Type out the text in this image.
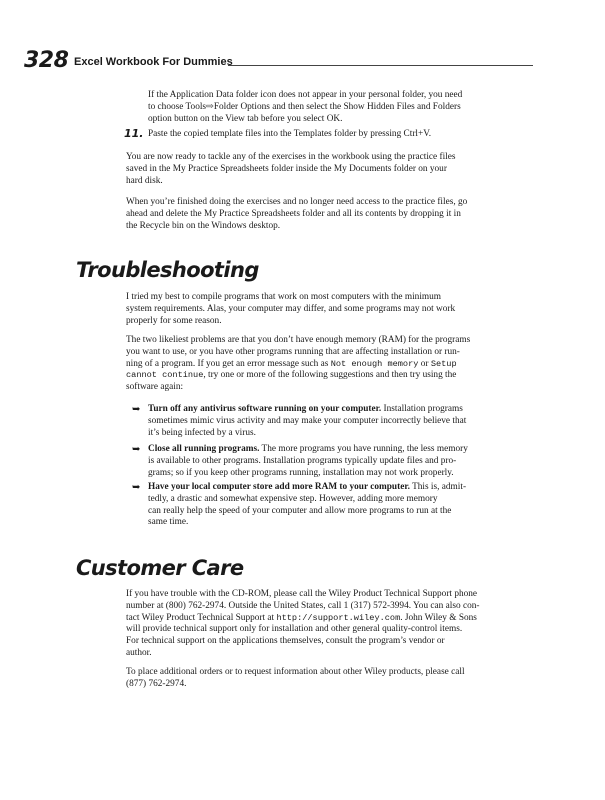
328 Excel Workbook For Dummies

If the Application Data folder icon does not appear in your personal folder, you need
to choose Tools⇨Folder Options and then select the Show Hidden Files and Folders
option button on the View tab before you select OK.

11. Paste the copied template files into the Templates folder by pressing Ctrl+V.

You are now ready to tackle any of the exercises in the workbook using the practice files
saved in the My Practice Spreadsheets folder inside the My Documents folder on your
hard disk.

When you’re finished doing the exercises and no longer need access to the practice files, go
ahead and delete the My Practice Spreadsheets folder and all its contents by dropping it in
the Recycle bin on the Windows desktop.

Troubleshooting

I tried my best to compile programs that work on most computers with the minimum
system requirements. Alas, your computer may differ, and some programs may not work
properly for some reason.

The two likeliest problems are that you don’t have enough memory (RAM) for the programs
you want to use, or you have other programs running that are affecting installation or run-
ning of a program. If you get an error message such as Not enough memory or Setup
cannot continue, try one or more of the following suggestions and then try using the
software again:

➥ Turn off any antivirus software running on your computer. Installation programs
sometimes mimic virus activity and may make your computer incorrectly believe that
it’s being infected by a virus.

➥ Close all running programs. The more programs you have running, the less memory
is available to other programs. Installation programs typically update files and pro-
grams; so if you keep other programs running, installation may not work properly.

➥ Have your local computer store add more RAM to your computer. This is, admit-
tedly, a drastic and somewhat expensive step. However, adding more memory
can really help the speed of your computer and allow more programs to run at the
same time.

Customer Care

If you have trouble with the CD-ROM, please call the Wiley Product Technical Support phone
number at (800) 762-2974. Outside the United States, call 1 (317) 572-3994. You can also con-
tact Wiley Product Technical Support at http://support.wiley.com. John Wiley & Sons
will provide technical support only for installation and other general quality-control items.
For technical support on the applications themselves, consult the program’s vendor or
author.

To place additional orders or to request information about other Wiley products, please call
(877) 762-2974.
